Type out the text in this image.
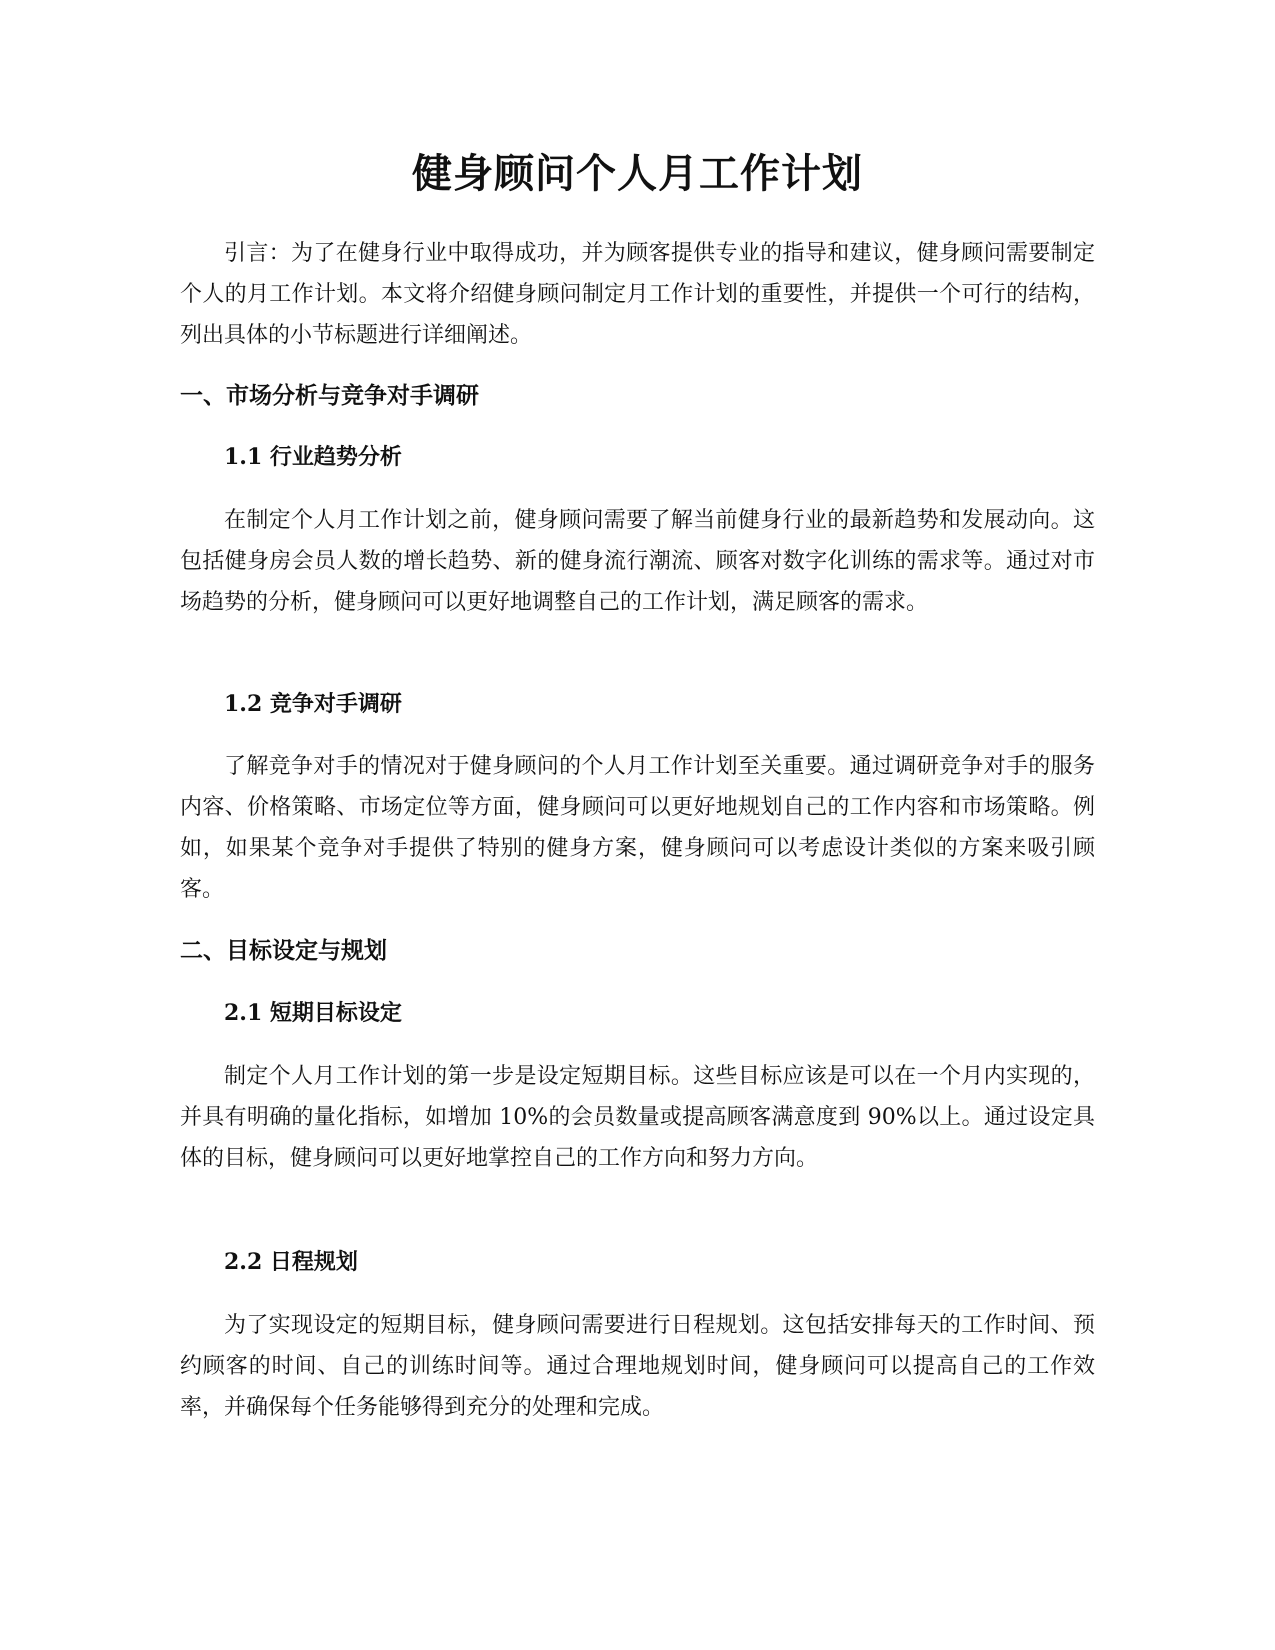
健身顾问个人月工作计划

引言：为了在健身行业中取得成功，并为顾客提供专业的指导和建议，健身顾问需要制定个人的月工作计划。本文将介绍健身顾问制定月工作计划的重要性，并提供一个可行的结构，列出具体的小节标题进行详细阐述。

一、市场分析与竞争对手调研
1.1 行业趋势分析

在制定个人月工作计划之前，健身顾问需要了解当前健身行业的最新趋势和发展动向。这包括健身房会员人数的增长趋势、新的健身流行潮流、顾客对数字化训练的需求等。通过对市场趋势的分析，健身顾问可以更好地调整自己的工作计划，满足顾客的需求。

1.2 竞争对手调研

了解竞争对手的情况对于健身顾问的个人月工作计划至关重要。通过调研竞争对手的服务内容、价格策略、市场定位等方面，健身顾问可以更好地规划自己的工作内容和市场策略。例如，如果某个竞争对手提供了特别的健身方案，健身顾问可以考虑设计类似的方案来吸引顾客。

二、目标设定与规划
2.1 短期目标设定

制定个人月工作计划的第一步是设定短期目标。这些目标应该是可以在一个月内实现的，并具有明确的量化指标，如增加 10%的会员数量或提高顾客满意度到 90%以上。通过设定具体的目标，健身顾问可以更好地掌控自己的工作方向和努力方向。

2.2 日程规划

为了实现设定的短期目标，健身顾问需要进行日程规划。这包括安排每天的工作时间、预约顾客的时间、自己的训练时间等。通过合理地规划时间，健身顾问可以提高自己的工作效率，并确保每个任务能够得到充分的处理和完成。
